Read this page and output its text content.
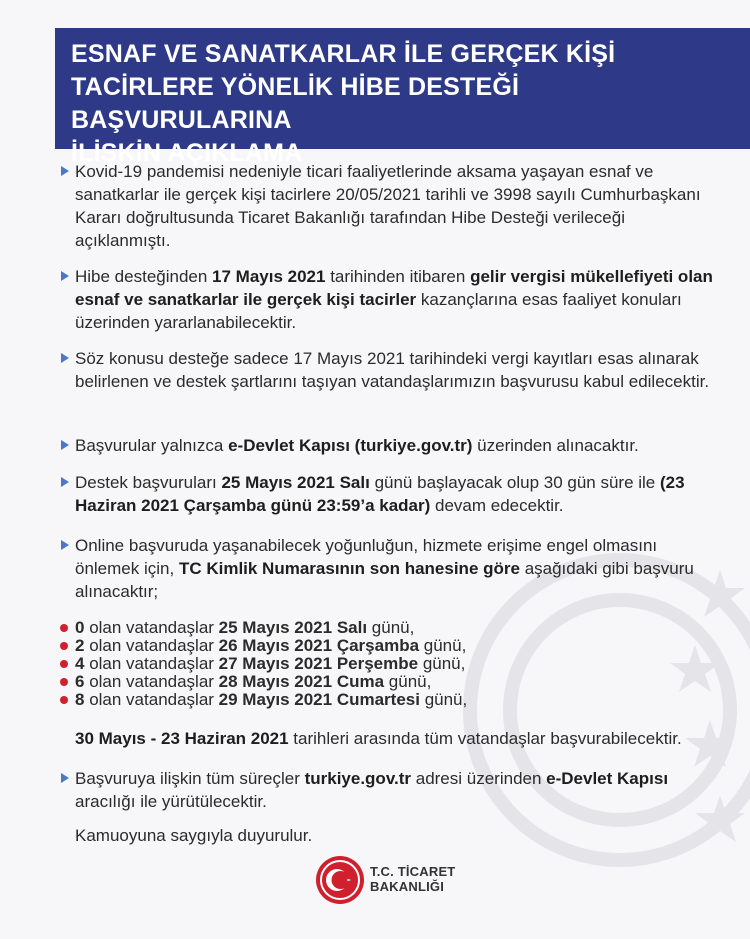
ESNAF VE SANATKARLAR İLE GERÇEK KİŞİ
TACİRLERE YÖNELİK HİBE DESTEĞİ BAŞVURULARINA
İLİŞKİN AÇIKLAMA
Kovid-19 pandemisi nedeniyle ticari faaliyetlerinde aksama yaşayan esnaf ve sanatkarlar ile gerçek kişi tacirlere 20/05/2021 tarihli ve 3998 sayılı Cumhurbaşkanı Kararı doğrultusunda Ticaret Bakanlığı tarafından Hibe Desteği verileceği açıklanmıştı.
Hibe desteğinden 17 Mayıs 2021 tarihinden itibaren gelir vergisi mükellefiyeti olan esnaf ve sanatkarlar ile gerçek kişi tacirler kazançlarına esas faaliyet konuları üzerinden yararlanabilecektir.
Söz konusu desteğe sadece 17 Mayıs 2021 tarihindeki vergi kayıtları esas alınarak belirlenen ve destek şartlarını taşıyan vatandaşlarımızın başvurusu kabul edilecektir.
Başvurular yalnızca e-Devlet Kapısı (turkiye.gov.tr) üzerinden alınacaktır.
Destek başvuruları 25 Mayıs 2021 Salı günü başlayacak olup 30 gün süre ile (23 Haziran 2021 Çarşamba günü 23:59’a kadar) devam edecektir.
Online başvuruda yaşanabilecek yoğunluğun, hizmete erişime engel olmasını önlemek için, TC Kimlik Numarasının son hanesine göre aşağıdaki gibi başvuru alınacaktır;
0 olan vatandaşlar 25 Mayıs 2021 Salı günü,
2 olan vatandaşlar 26 Mayıs 2021 Çarşamba günü,
4 olan vatandaşlar 27 Mayıs 2021 Perşembe günü,
6 olan vatandaşlar 28 Mayıs 2021 Cuma günü,
8 olan vatandaşlar 29 Mayıs 2021 Cumartesi günü,
30 Mayıs - 23 Haziran 2021 tarihleri arasında tüm vatandaşlar başvurabilecektir.
Başvuruya ilişkin tüm süreçler turkiye.gov.tr adresi üzerinden e-Devlet Kapısı aracılığı ile yürütülecektir.
Kamuoyuna saygıyla duyurulur.
T.C. TİCARET
BAKANLIĞI
